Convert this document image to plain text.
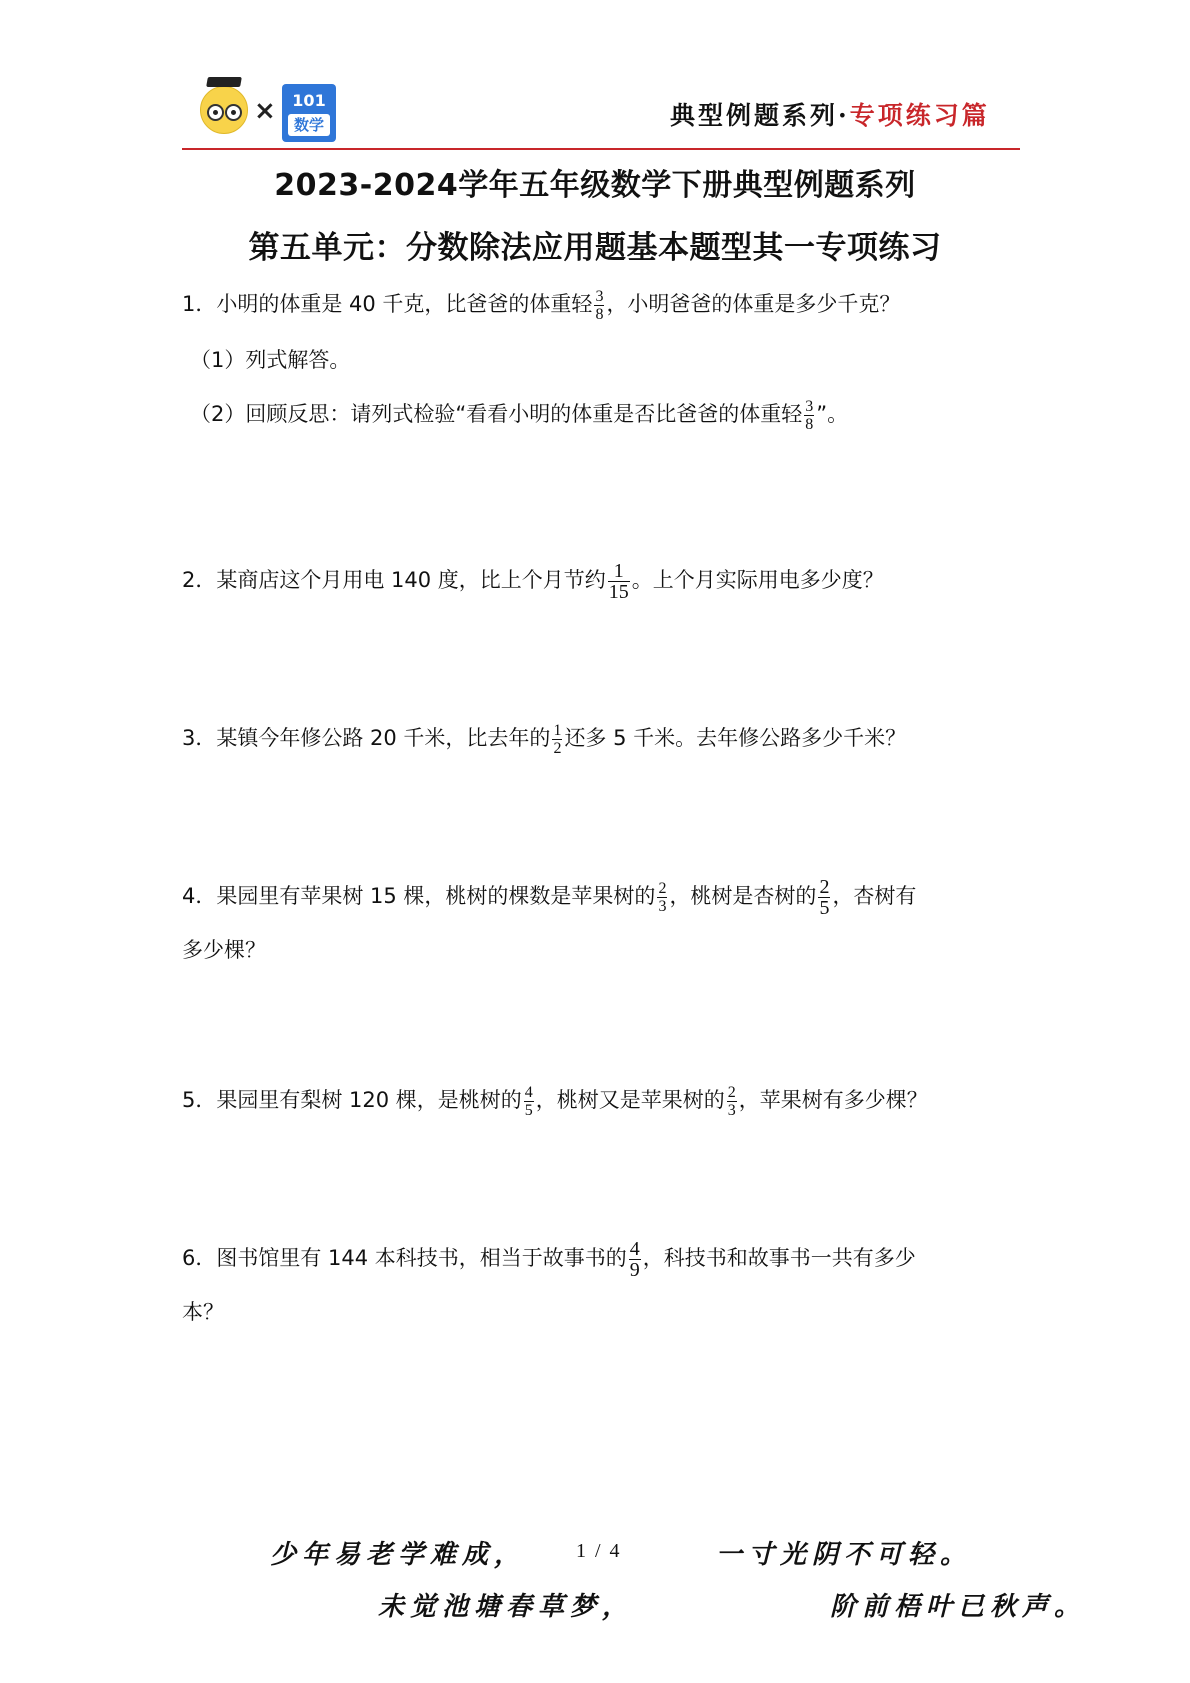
×	101
数学	典型例题系列·专项练习篇
2023-2024学年五年级数学下册典型例题系列
第五单元：分数除法应用题基本题型其一专项练习
1．小明的体重是 40 千克，比爸爸的体重轻 $\frac{3}{8}$ ，小明爸爸的体重是多少千克？
（1）列式解答。
（2）回顾反思：请列式检验“看看小明的体重是否比爸爸的体重轻 $\frac{3}{8}$ ”。
2．某商店这个月用电 140 度，比上个月节约 $\frac{1}{15}$ 。上个月实际用电多少度？
3．某镇今年修公路 20 千米，比去年的 $\frac{1}{2}$ 还多 5 千米。去年修公路多少千米？
4．果园里有苹果树 15 棵，桃树的棵数是苹果树的 $\frac{2}{3}$ ，桃树是杏树的 $\frac{2}{5}$ ，杏树有
多少棵？
5．果园里有梨树 120 棵，是桃树的 $\frac{4}{5}$ ，桃树又是苹果树的 $\frac{2}{3}$ ，苹果树有多少棵？
6．图书馆里有 144 本科技书，相当于故事书的 $\frac{4}{9}$ ，科技书和故事书一共有多少
本？
少年易老学难成， 1 / 4	一寸光阴不可轻。
未觉池塘春草梦，	阶前梧叶已秋声。
